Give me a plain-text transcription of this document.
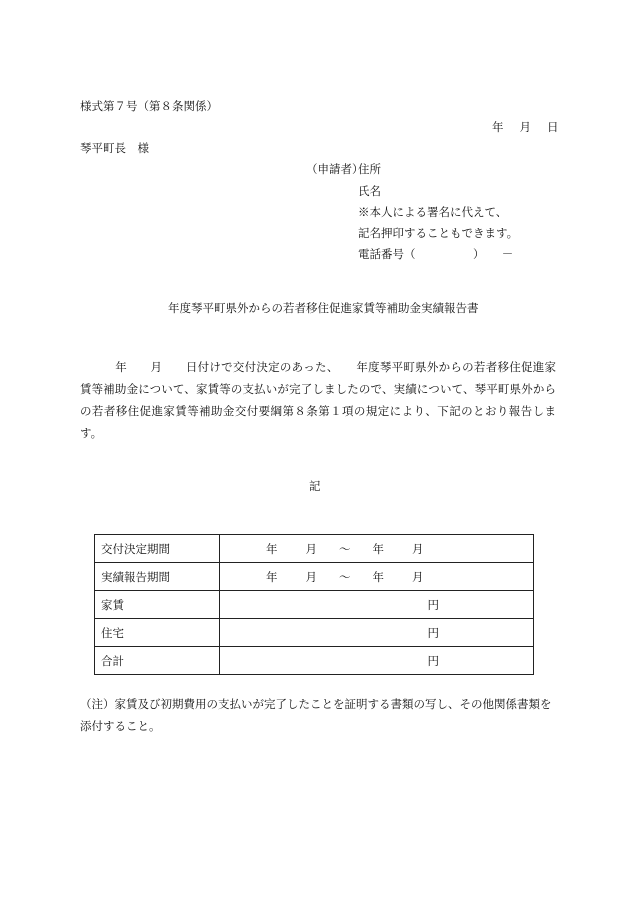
様式第７号（第８条関係）
年 月 日
琴平町長　様
（申請者）
住所
氏名
※本人による署名に代えて、
記名押印することもできます。
電話番号（　　　　　）　　－
年度琴平町県外からの若者移住促進家賃等補助金実績報告書
　　　年　　月　　日付けで交付決定のあった、　　年度琴平町県外からの若者移住促進家賃等補助金について、家賃等の支払いが完了しましたので、実績について、琴平町県外からの若者移住促進家賃等補助金交付要綱第８条第１項の規定により、下記のとおり報告します。
記
交付決定期間	年 月 ～ 年 月
実績報告期間	年 月 ～ 年 月
家賃	円
住宅	円
合計	円
（注）家賃及び初期費用の支払いが完了したことを証明する書類の写し、その他関係書類を添付すること。
